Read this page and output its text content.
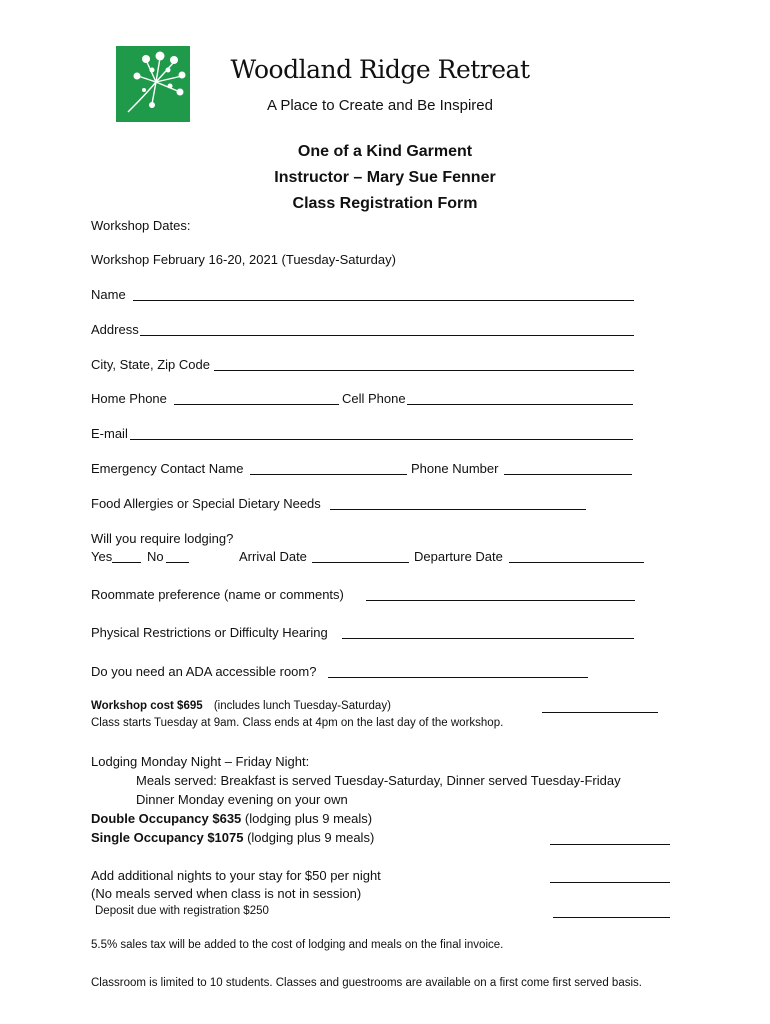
Woodland Ridge Retreat
A Place to Create and Be Inspired
One of a Kind Garment
Instructor – Mary Sue Fenner
Class Registration Form
Workshop Dates:
Workshop February 16-20, 2021 (Tuesday-Saturday)
Name
Address
City, State, Zip Code
Home Phone	Cell Phone
E-mail
Emergency Contact Name	Phone Number
Food Allergies or Special Dietary Needs
Will you require lodging?
Yes	No	Arrival Date	Departure Date
Roommate preference (name or comments)
Physical Restrictions or Difficulty Hearing
Do you need an ADA accessible room?
Workshop cost $695 (includes lunch Tuesday-Saturday)
Class starts Tuesday at 9am. Class ends at 4pm on the last day of the workshop.
Lodging Monday Night – Friday Night:
Meals served: Breakfast is served Tuesday-Saturday, Dinner served Tuesday-Friday
Dinner Monday evening on your own
Double Occupancy $635 (lodging plus 9 meals)
Single Occupancy $1075 (lodging plus 9 meals)
Add additional nights to your stay for $50 per night
(No meals served when class is not in session)
Deposit due with registration $250
5.5% sales tax will be added to the cost of lodging and meals on the final invoice.
Classroom is limited to 10 students. Classes and guestrooms are available on a first come first served basis.
